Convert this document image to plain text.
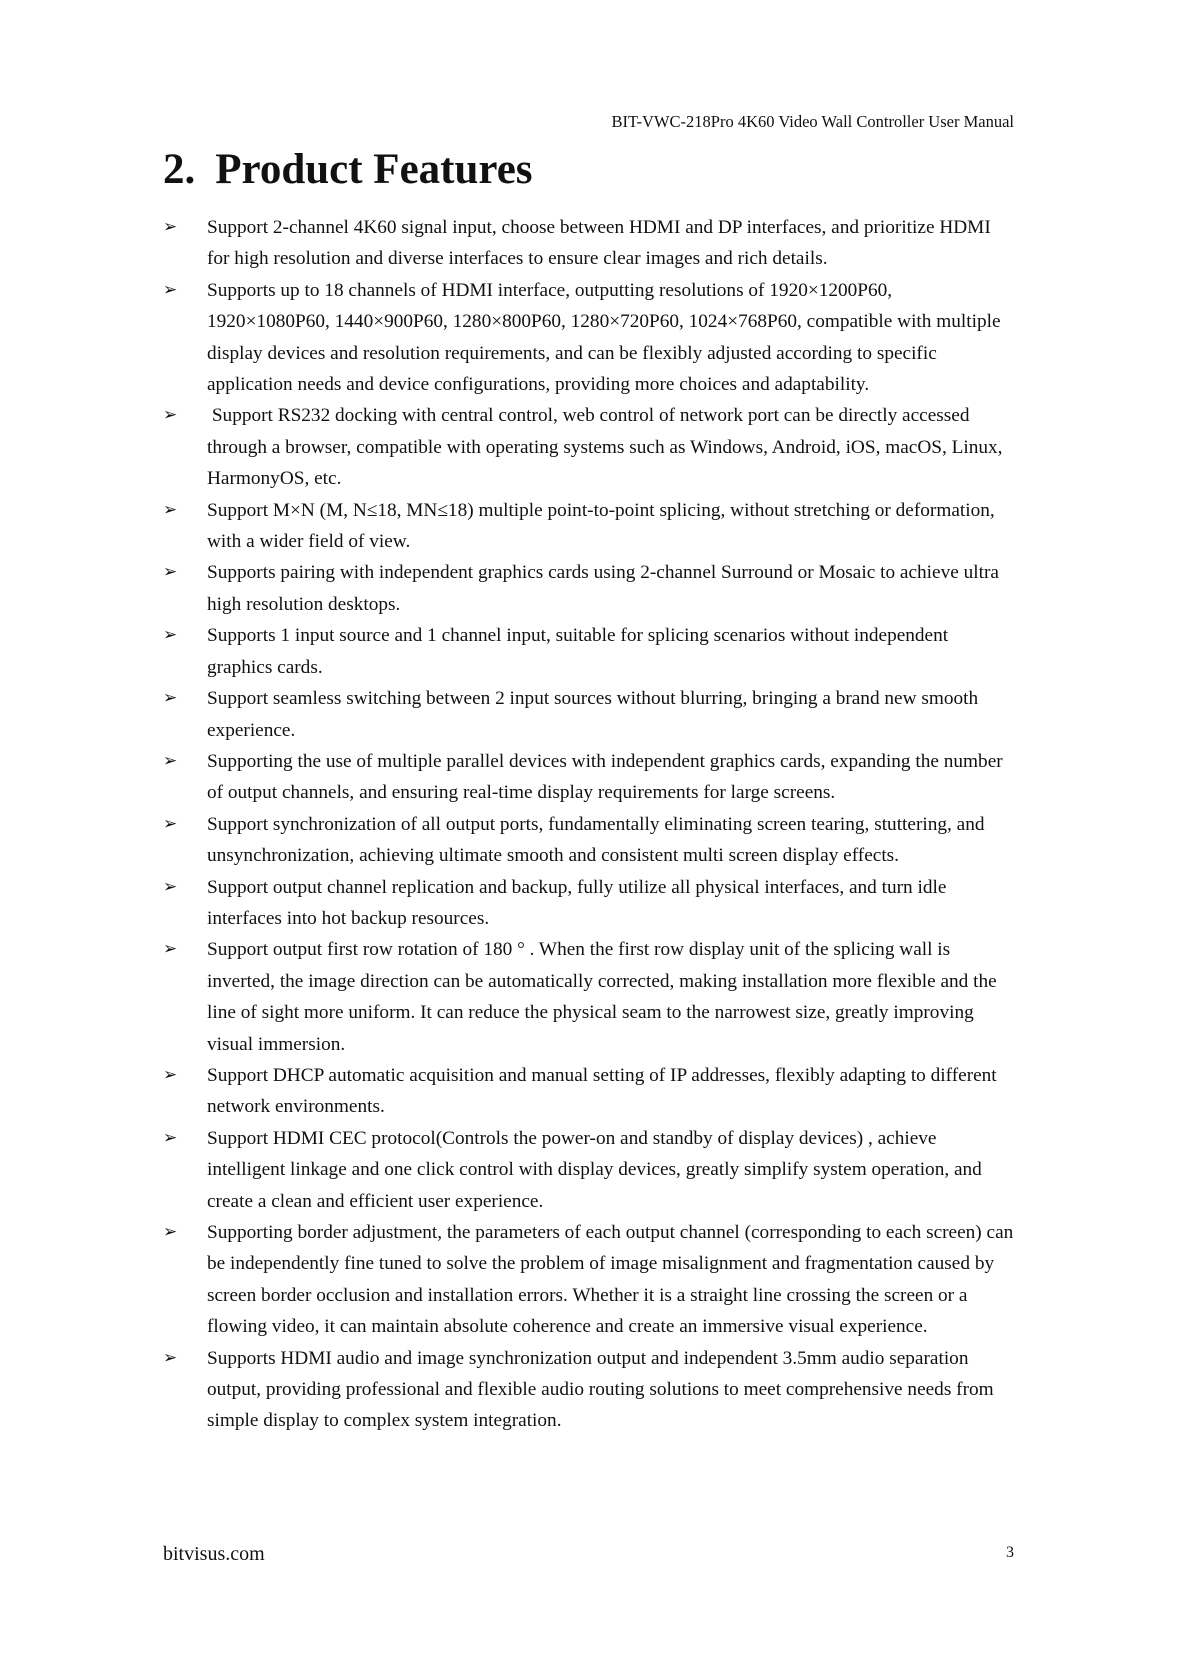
BIT-VWC-218Pro 4K60 Video Wall Controller User Manual
2. Product Features
➢ Support 2-channel 4K60 signal input, choose between HDMI and DP interfaces, and prioritize HDMI for high resolution and diverse interfaces to ensure clear images and rich details.
➢ Supports up to 18 channels of HDMI interface, outputting resolutions of 1920×1200P60, 1920×1080P60, 1440×900P60, 1280×800P60, 1280×720P60, 1024×768P60, compatible with multiple display devices and resolution requirements, and can be flexibly adjusted according to specific application needs and device configurations, providing more choices and adaptability.
➢ Support RS232 docking with central control, web control of network port can be directly accessed through a browser, compatible with operating systems such as Windows, Android, iOS, macOS, Linux, HarmonyOS, etc.
➢ Support M×N (M, N≤18, MN≤18) multiple point-to-point splicing, without stretching or deformation, with a wider field of view.
➢ Supports pairing with independent graphics cards using 2-channel Surround or Mosaic to achieve ultra high resolution desktops.
➢ Supports 1 input source and 1 channel input, suitable for splicing scenarios without independent graphics cards.
➢ Support seamless switching between 2 input sources without blurring, bringing a brand new smooth experience.
➢ Supporting the use of multiple parallel devices with independent graphics cards, expanding the number of output channels, and ensuring real-time display requirements for large screens.
➢ Support synchronization of all output ports, fundamentally eliminating screen tearing, stuttering, and unsynchronization, achieving ultimate smooth and consistent multi screen display effects.
➢ Support output channel replication and backup, fully utilize all physical interfaces, and turn idle interfaces into hot backup resources.
➢ Support output first row rotation of 180 ° . When the first row display unit of the splicing wall is inverted, the image direction can be automatically corrected, making installation more flexible and the line of sight more uniform. It can reduce the physical seam to the narrowest size, greatly improving visual immersion.
➢ Support DHCP automatic acquisition and manual setting of IP addresses, flexibly adapting to different network environments.
➢ Support HDMI CEC protocol(Controls the power-on and standby of display devices) , achieve intelligent linkage and one click control with display devices, greatly simplify system operation, and create a clean and efficient user experience.
➢ Supporting border adjustment, the parameters of each output channel (corresponding to each screen) can be independently fine tuned to solve the problem of image misalignment and fragmentation caused by screen border occlusion and installation errors. Whether it is a straight line crossing the screen or a flowing video, it can maintain absolute coherence and create an immersive visual experience.
➢ Supports HDMI audio and image synchronization output and independent 3.5mm audio separation output, providing professional and flexible audio routing solutions to meet comprehensive needs from simple display to complex system integration.
bitvisus.com	3
